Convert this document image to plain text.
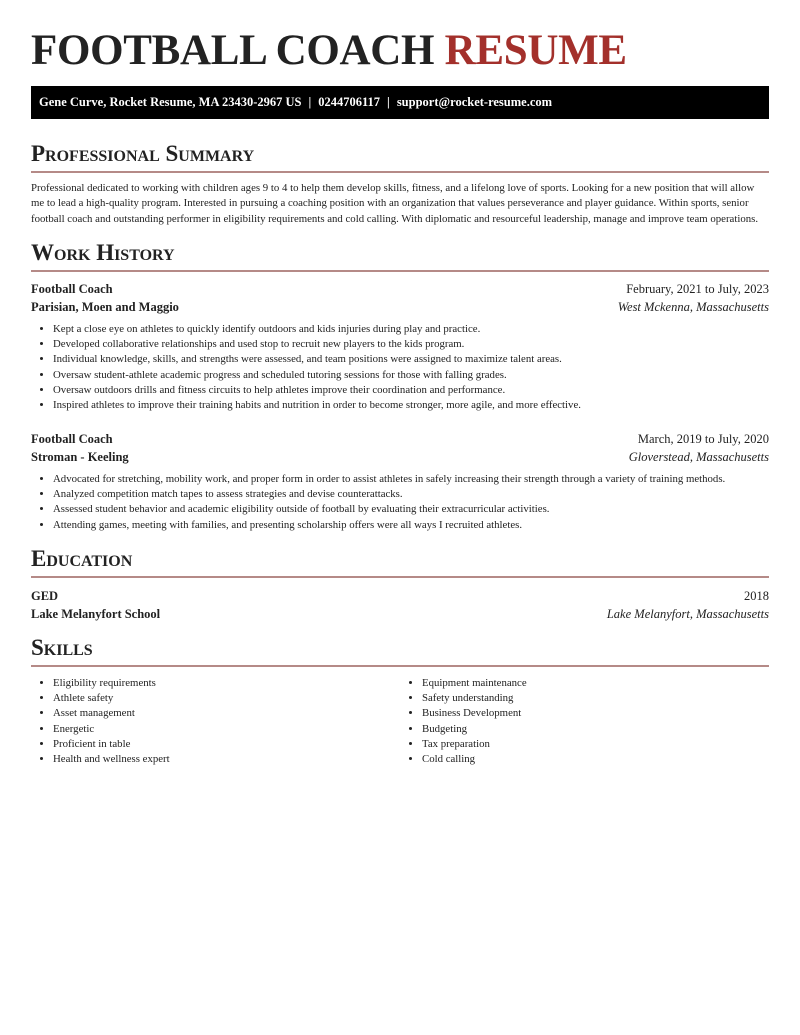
FOOTBALL COACH RESUME
Gene Curve, Rocket Resume, MA 23430-2967 US | 0244706117 | support@rocket-resume.com
Professional Summary
Professional dedicated to working with children ages 9 to 4 to help them develop skills, fitness, and a lifelong love of sports. Looking for a new position that will allow me to lead a high-quality program. Interested in pursuing a coaching position with an organization that values perseverance and player guidance. Within sports, senior football coach and outstanding performer in eligibility requirements and cold calling. With diplomatic and resourceful leadership, manage and improve team operations.
Work History
Football Coach	February, 2021 to July, 2023
Parisian, Moen and Maggio	West Mckenna, Massachusetts
• Kept a close eye on athletes to quickly identify outdoors and kids injuries during play and practice.
• Developed collaborative relationships and used stop to recruit new players to the kids program.
• Individual knowledge, skills, and strengths were assessed, and team positions were assigned to maximize talent areas.
• Oversaw student-athlete academic progress and scheduled tutoring sessions for those with falling grades.
• Oversaw outdoors drills and fitness circuits to help athletes improve their coordination and performance.
• Inspired athletes to improve their training habits and nutrition in order to become stronger, more agile, and more effective.
Football Coach	March, 2019 to July, 2020
Stroman - Keeling	Gloverstead, Massachusetts
• Advocated for stretching, mobility work, and proper form in order to assist athletes in safely increasing their strength through a variety of training methods.
• Analyzed competition match tapes to assess strategies and devise counterattacks.
• Assessed student behavior and academic eligibility outside of football by evaluating their extracurricular activities.
• Attending games, meeting with families, and presenting scholarship offers were all ways I recruited athletes.
Education
GED	2018
Lake Melanyfort School	Lake Melanyfort, Massachusetts
Skills
• Eligibility requirements
• Athlete safety
• Asset management
• Energetic
• Proficient in table
• Health and wellness expert
• Equipment maintenance
• Safety understanding
• Business Development
• Budgeting
• Tax preparation
• Cold calling
